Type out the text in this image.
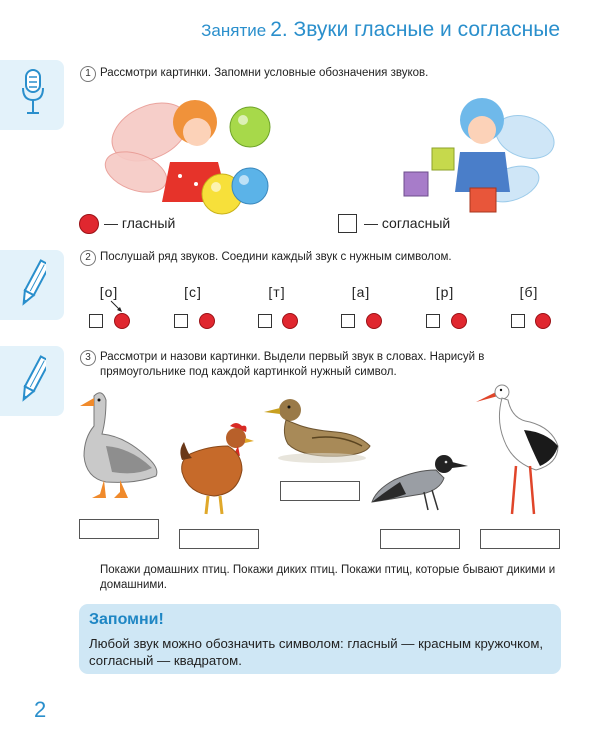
Занятие 2. Звуки гласные и согласные
1 Рассмотри картинки. Запомни условные обозначения звуков.
— гласный	— согласный
2 Послушай ряд звуков. Соедини каждый звук с нужным символом.
[о]	[с]	[т]	[а]	[р]	[б]
3 Рассмотри и назови картинки. Выдели первый звук в словах. Нарисуй в прямоугольнике под каждой картинкой нужный символ.
Покажи домашних птиц. Покажи диких птиц. Покажи птиц, которые бывают дикими и домашними.
Запомни!
Любой звук можно обозначить символом: гласный — красным кружочком, согласный — квадратом.
2
